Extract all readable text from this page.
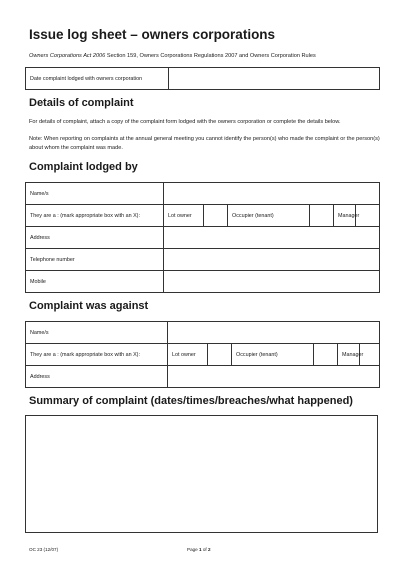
Issue log sheet – owners corporations
Owners Corporations Act 2006 Section 159, Owners Corporations Regulations 2007 and Owners Corporation Rules
Date complaint lodged with owners corporation	
Details of complaint

For details of complaint, attach a copy of the complaint form lodged with the owners corporation or complete the details below.

Note: When reporting on complaints at the annual general meeting you cannot identify the person(s) who made the complaint or the person(s) about whom the complaint was made.

Complaint lodged by
Name/s						
They are a : (mark appropriate box with an X):	Lot owner		Occupier (tenant)		Manager	
Address						
Telephone number						
Mobile						
Complaint was against
Name/s						
They are a : (mark appropriate box with an X):	Lot owner		Occupier (tenant)		Manager	
Address						
Summary of complaint (dates/times/breaches/what happened)
OC 23 (12/07)	Page 1 of 2
